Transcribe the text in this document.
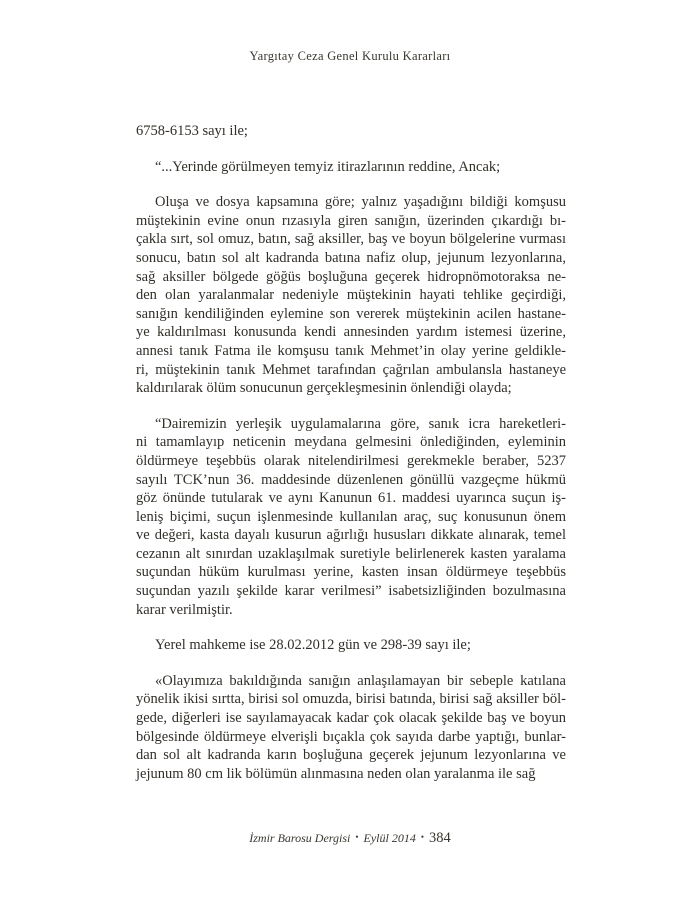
Yargıtay Ceza Genel Kurulu Kararları
6758-6153 sayı ile;
“...Yerinde görülmeyen temyiz itirazlarının reddine, Ancak;
Oluşa ve dosya kapsamına göre; yalnız yaşadığını bildiği komşusu
müştekinin evine onun rızasıyla giren sanığın, üzerinden çıkardığı bı-
çakla sırt, sol omuz, batın, sağ aksiller, baş ve boyun bölgelerine vurması
sonucu, batın sol alt kadranda batına nafiz olup, jejunum lezyonlarına,
sağ aksiller bölgede göğüs boşluğuna geçerek hidropnömotoraksa ne-
den olan yaralanmalar nedeniyle müştekinin hayati tehlike geçirdiği,
sanığın kendiliğinden eylemine son vererek müştekinin acilen hastane-
ye kaldırılması konusunda kendi annesinden yardım istemesi üzerine,
annesi tanık Fatma ile komşusu tanık Mehmet’in olay yerine geldikle-
ri, müştekinin tanık Mehmet tarafından çağrılan ambulansla hastaneye
kaldırılarak ölüm sonucunun gerçekleşmesinin önlendiği olayda;
“Dairemizin yerleşik uygulamalarına göre, sanık icra hareketleri-
ni tamamlayıp neticenin meydana gelmesini önlediğinden, eyleminin
öldürmeye teşebbüs olarak nitelendirilmesi gerekmekle beraber, 5237
sayılı TCK’nun 36. maddesinde düzenlenen gönüllü vazgeçme hükmü
göz önünde tutularak ve aynı Kanunun 61. maddesi uyarınca suçun iş-
leniş biçimi, suçun işlenmesinde kullanılan araç, suç konusunun önem
ve değeri, kasta dayalı kusurun ağırlığı hususları dikkate alınarak, temel
cezanın alt sınırdan uzaklaşılmak suretiyle belirlenerek kasten yaralama
suçundan hüküm kurulması yerine, kasten insan öldürmeye teşebbüs
suçundan yazılı şekilde karar verilmesi” isabetsizliğinden bozulmasına
karar verilmiştir.
Yerel mahkeme ise 28.02.2012 gün ve 298-39 sayı ile;
«Olayımıza bakıldığında sanığın anlaşılamayan bir sebeple katılana
yönelik ikisi sırtta, birisi sol omuzda, birisi batında, birisi sağ aksiller böl-
gede, diğerleri ise sayılamayacak kadar çok olacak şekilde baş ve boyun
bölgesinde öldürmeye elverişli bıçakla çok sayıda darbe yaptığı, bunlar-
dan sol alt kadranda karın boşluğuna geçerek jejunum lezyonlarına ve
jejunum 80 cm lik bölümün alınmasına neden olan yaralanma ile sağ
İzmir Barosu Dergisi • Eylül 2014 • 384
